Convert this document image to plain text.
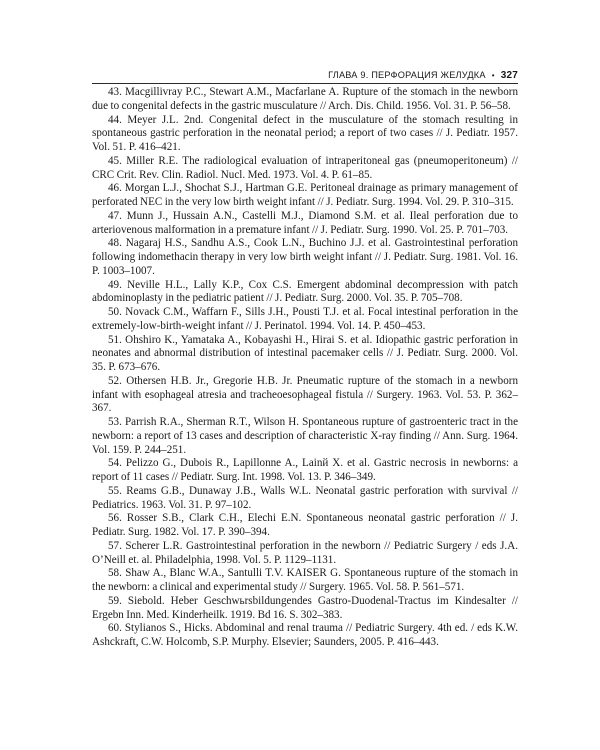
ГЛАВА 9. ПЕРФОРАЦИЯ ЖЕЛУДКА • 327
43. Macgillivray P.C., Stewart A.M., Macfarlane A. Rupture of the stomach in the newborn due to congenital defects in the gastric musculature // Arch. Dis. Child. 1956. Vol. 31. P. 56–58.
44. Meyer J.L. 2nd. Congenital defect in the musculature of the stomach resulting in spontaneous gastric perforation in the neonatal period; a report of two cases // J. Pediatr. 1957. Vol. 51. P. 416–421.
45. Miller R.E. The radiological evaluation of intraperitoneal gas (pneumoperitoneum) // CRC Crit. Rev. Clin. Radiol. Nucl. Med. 1973. Vol. 4. P. 61–85.
46. Morgan L.J., Shochat S.J., Hartman G.E. Peritoneal drainage as primary management of perforated NEC in the very low birth weight infant // J. Pediatr. Surg. 1994. Vol. 29. P. 310–315.
47. Munn J., Hussain A.N., Castelli M.J., Diamond S.M. et al. Ileal perforation due to arteriovenous malformation in a premature infant // J. Pediatr. Surg. 1990. Vol. 25. P. 701–703.
48. Nagaraj H.S., Sandhu A.S., Cook L.N., Buchino J.J. et al. Gastrointestinal perforation following indomethacin therapy in very low birth weight infant // J. Pediatr. Surg. 1981. Vol. 16. P. 1003–1007.
49. Neville H.L., Lally K.P., Cox C.S. Emergent abdominal decompression with patch abdominoplasty in the pediatric patient // J. Pediatr. Surg. 2000. Vol. 35. P. 705–708.
50. Novack C.M., Waffarn F., Sills J.H., Pousti T.J. et al. Focal intestinal perforation in the extremely-low-birth-weight infant // J. Perinatol. 1994. Vol. 14. P. 450–453.
51. Ohshiro K., Yamataka A., Kobayashi H., Hirai S. et al. Idiopathic gastric perforation in neonates and abnormal distribution of intestinal pacemaker cells // J. Pediatr. Surg. 2000. Vol. 35. P. 673–676.
52. Othersen H.B. Jr., Gregorie H.B. Jr. Pneumatic rupture of the stomach in a newborn infant with esophageal atresia and tracheoesophageal fistula // Surgery. 1963. Vol. 53. P. 362–367.
53. Parrish R.A., Sherman R.T., Wilson H. Spontaneous rupture of gastroenteric tract in the newborn: a report of 13 cases and description of characteristic X-ray finding // Ann. Surg. 1964. Vol. 159. P. 244–251.
54. Pelizzo G., Dubois R., Lapillonne A., Lainй X. et al. Gastric necrosis in newborns: a report of 11 cases // Pediatr. Surg. Int. 1998. Vol. 13. P. 346–349.
55. Reams G.B., Dunaway J.B., Walls W.L. Neonatal gastric perforation with survival // Pediatrics. 1963. Vol. 31. P. 97–102.
56. Rosser S.B., Clark C.H., Elechi E.N. Spontaneous neonatal gastric perforation // J. Pediatr. Surg. 1982. Vol. 17. P. 390–394.
57. Scherer L.R. Gastrointestinal perforation in the newborn // Pediatric Surgery / eds J.A. O’Neill et. al. Philadelphia, 1998. Vol. 5. P. 1129–1131.
58. Shaw A., Blanc W.A., Santulli T.V. KAISER G. Spontaneous rupture of the stomach in the newborn: a clinical and experimental study // Surgery. 1965. Vol. 58. P. 561–571.
59. Siebold. Heber Geschwьrsbildungendes Gastro-Duodenal-Tractus im Kindesalter // Ergebn Inn. Med. Kinderheilk. 1919. Bd 16. S. 302–383.
60. Stylianos S., Hicks. Abdominal and renal trauma // Pediatric Surgery. 4th ed. / eds K.W. Ashckraft, C.W. Holcomb, S.P. Murphy. Elsevier; Saunders, 2005. P. 416–443.
